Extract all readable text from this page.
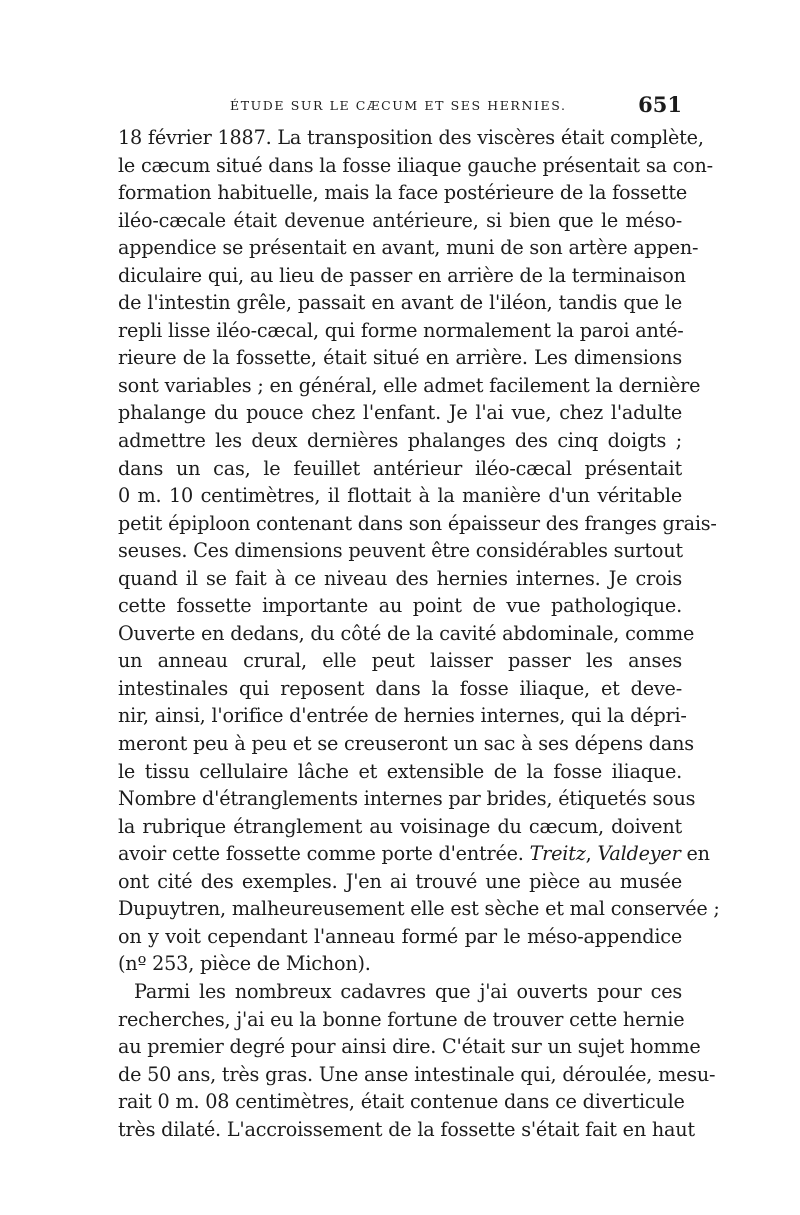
ÉTUDE SUR LE CÆCUM ET SES HERNIES.	651
18 février 1887. La transposition des viscères était complète,
le cæcum situé dans la fosse iliaque gauche présentait sa con-
formation habituelle, mais la face postérieure de la fossette
iléo-cæcale était devenue antérieure, si bien que le méso-
appendice se présentait en avant, muni de son artère appen-
diculaire qui, au lieu de passer en arrière de la terminaison
de l'intestin grêle, passait en avant de l'iléon, tandis que le
repli lisse iléo-cæcal, qui forme normalement la paroi anté-
rieure de la fossette, était situé en arrière. Les dimensions
sont variables ; en général, elle admet facilement la dernière
phalange du pouce chez l'enfant. Je l'ai vue, chez l'adulte
admettre les deux dernières phalanges des cinq doigts ;
dans un cas, le feuillet antérieur iléo-cæcal présentait
0 m. 10 centimètres, il flottait à la manière d'un véritable
petit épiploon contenant dans son épaisseur des franges grais-
seuses. Ces dimensions peuvent être considérables surtout
quand il se fait à ce niveau des hernies internes. Je crois
cette fossette importante au point de vue pathologique.
Ouverte en dedans, du côté de la cavité abdominale, comme
un anneau crural, elle peut laisser passer les anses
intestinales qui reposent dans la fosse iliaque, et deve-
nir, ainsi, l'orifice d'entrée de hernies internes, qui la dépri-
meront peu à peu et se creuseront un sac à ses dépens dans
le tissu cellulaire lâche et extensible de la fosse iliaque.
Nombre d'étranglements internes par brides, étiquetés sous
la rubrique étranglement au voisinage du cæcum, doivent
avoir cette fossette comme porte d'entrée. Treitz, Valdeyer en
ont cité des exemples. J'en ai trouvé une pièce au musée
Dupuytren, malheureusement elle est sèche et mal conservée ;
on y voit cependant l'anneau formé par le méso-appendice
(nº 253, pièce de Michon).
Parmi les nombreux cadavres que j'ai ouverts pour ces
recherches, j'ai eu la bonne fortune de trouver cette hernie
au premier degré pour ainsi dire. C'était sur un sujet homme
de 50 ans, très gras. Une anse intestinale qui, déroulée, mesu-
rait 0 m. 08 centimètres, était contenue dans ce diverticule
très dilaté. L'accroissement de la fossette s'était fait en haut
